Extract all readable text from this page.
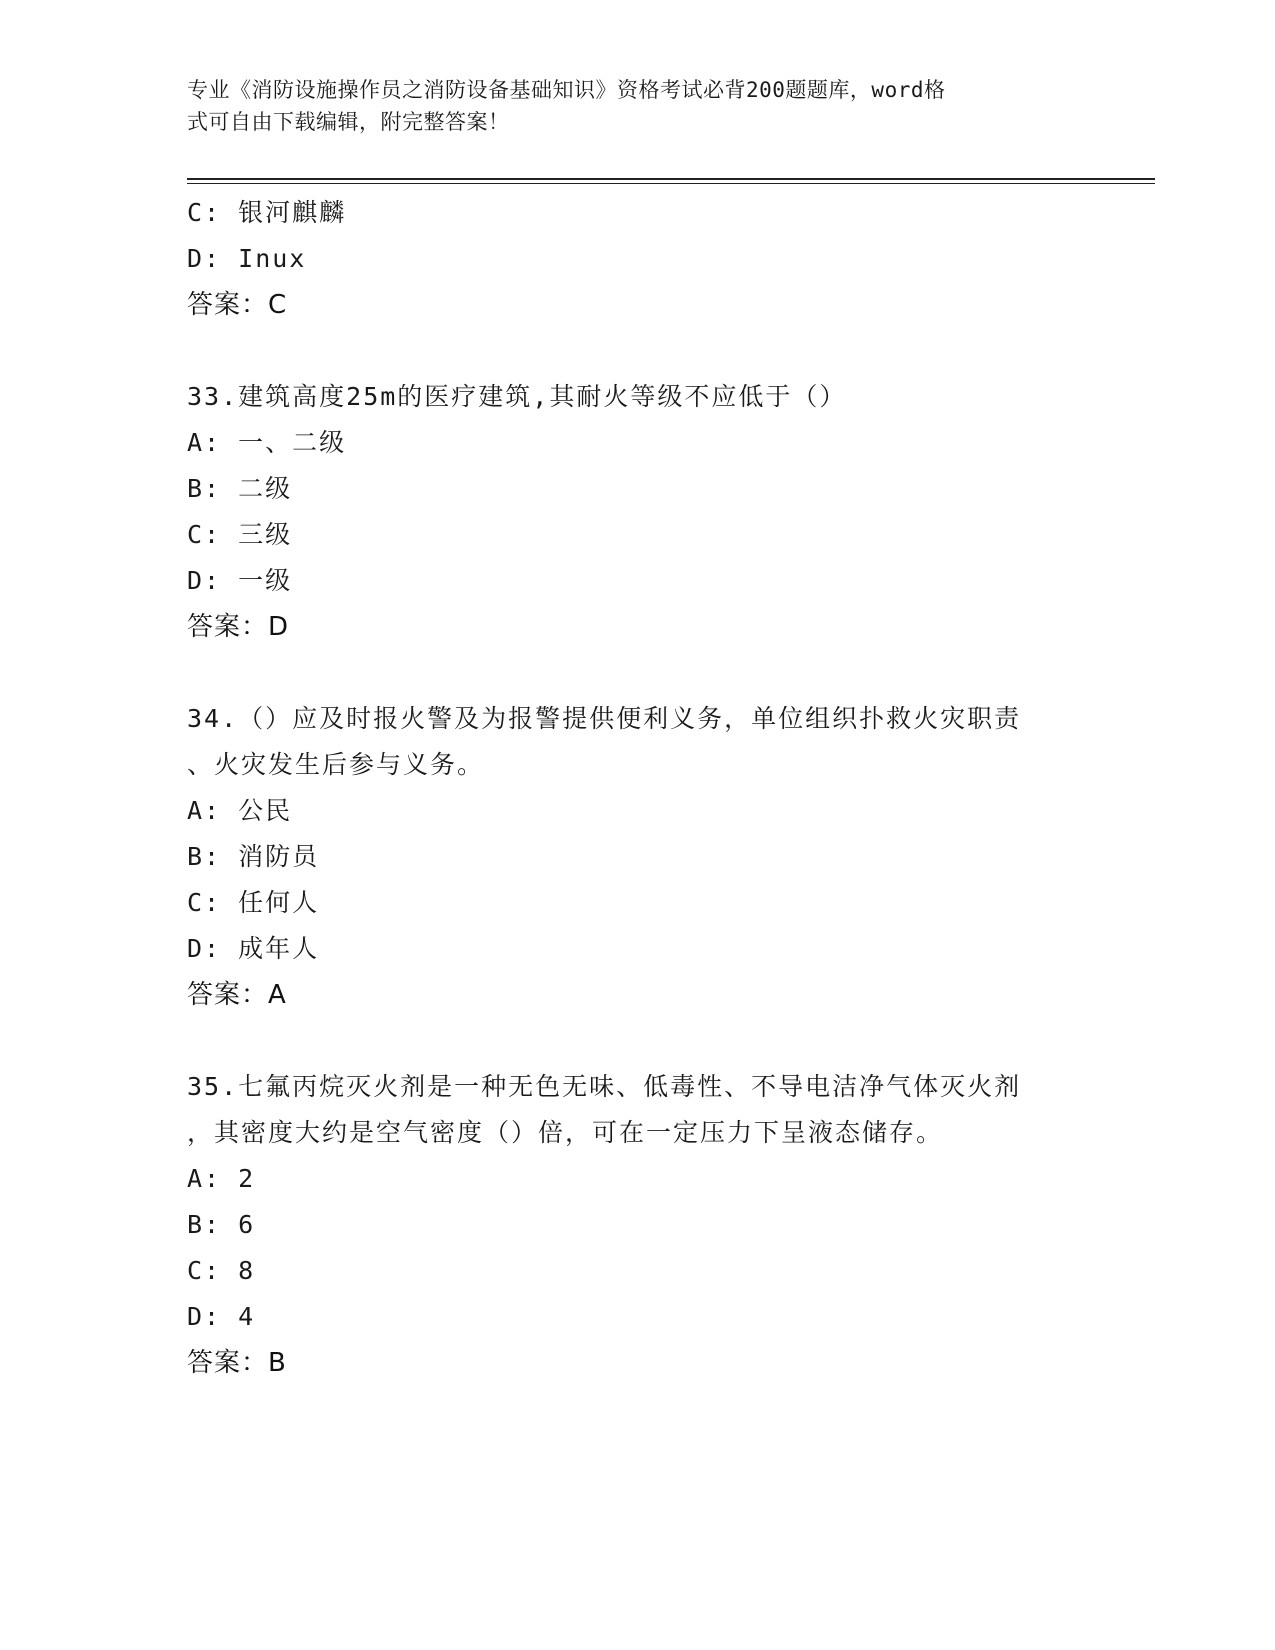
专业《消防设施操作员之消防设备基础知识》资格考试必背200题题库，word格
式可自由下载编辑，附完整答案！
C: 银河麒麟
D: Inux
答案：C
33.建筑高度25m的医疗建筑,其耐火等级不应低于（）
A: 一、二级
B: 二级
C: 三级
D: 一级
答案：D
34.（）应及时报火警及为报警提供便利义务，单位组织扑救火灾职责
、火灾发生后参与义务。
A: 公民
B: 消防员
C: 任何人
D: 成年人
答案：A
35.七氟丙烷灭火剂是一种无色无味、低毒性、不导电洁净气体灭火剂
，其密度大约是空气密度（）倍，可在一定压力下呈液态储存。
A: 2
B: 6
C: 8
D: 4
答案：B
